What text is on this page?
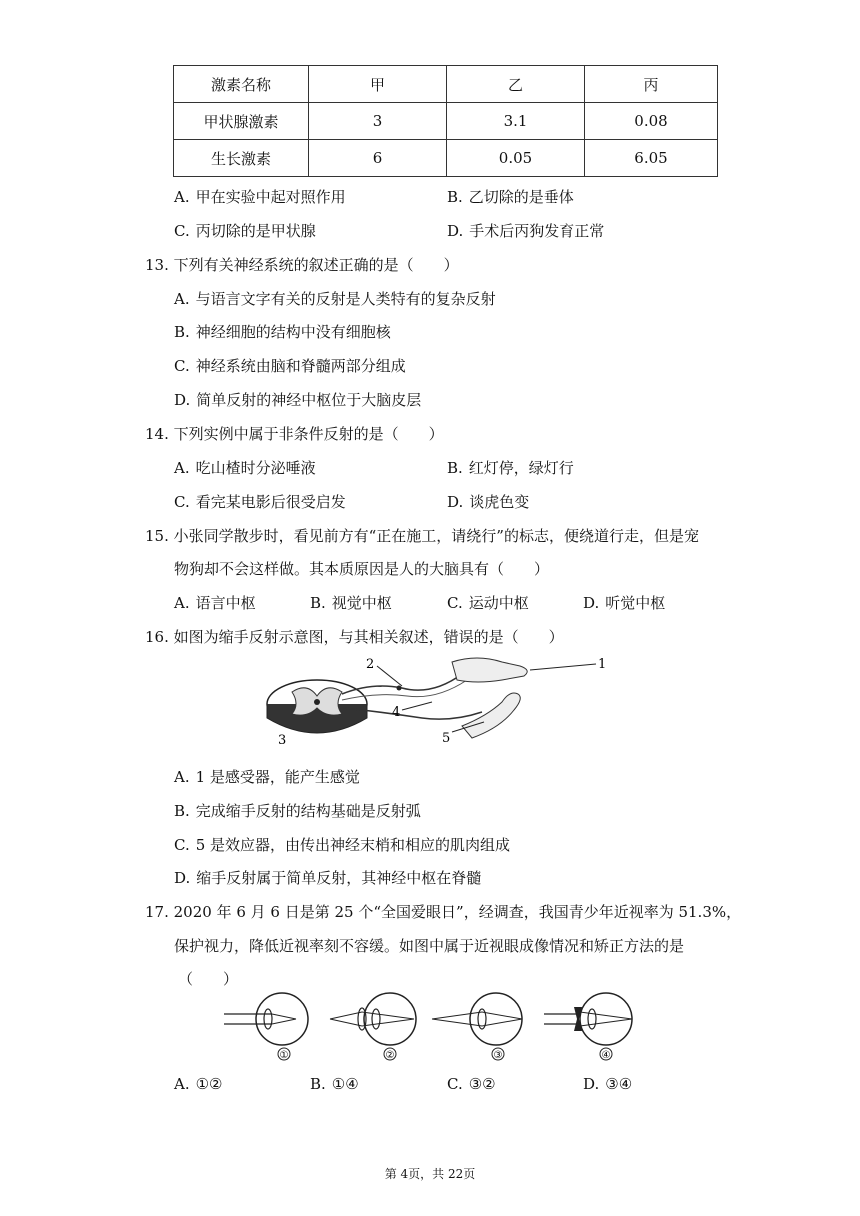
激素名称	甲	乙	丙
甲状腺激素	3	3.1	0.08
生长激素	6	0.05	6.05
A. 甲在实验中起对照作用	B. 乙切除的是垂体
C. 丙切除的是甲状腺	D. 手术后丙狗发育正常
13. 下列有关神经系统的叙述正确的是（　　）
A. 与语言文字有关的反射是人类特有的复杂反射
B. 神经细胞的结构中没有细胞核
C. 神经系统由脑和脊髓两部分组成
D. 简单反射的神经中枢位于大脑皮层
14. 下列实例中属于非条件反射的是（　　）
A. 吃山楂时分泌唾液	B. 红灯停，绿灯行
C. 看完某电影后很受启发	D. 谈虎色变
15. 小张同学散步时，看见前方有“正在施工，请绕行”的标志，便绕道行走，但是宠
物狗却不会这样做。其本质原因是人的大脑具有（　　）
A. 语言中枢	B. 视觉中枢	C. 运动中枢	D. 听觉中枢
16. 如图为缩手反射示意图，与其相关叙述，错误的是（　　）
1
2
3
4
5
A. 1 是感受器，能产生感觉
B. 完成缩手反射的结构基础是反射弧
C. 5 是效应器，由传出神经末梢和相应的肌肉组成
D. 缩手反射属于简单反射，其神经中枢在脊髓
17. 2020 年 6 月 6 日是第 25 个“全国爱眼日”，经调查，我国青少年近视率为 51.3%，
保护视力，降低近视率刻不容缓。如图中属于近视眼成像情况和矫正方法的是
（　　）
①	②	③	④
A. ①②	B. ①④	C. ③②	D. ③④
第 4页，共 22页
